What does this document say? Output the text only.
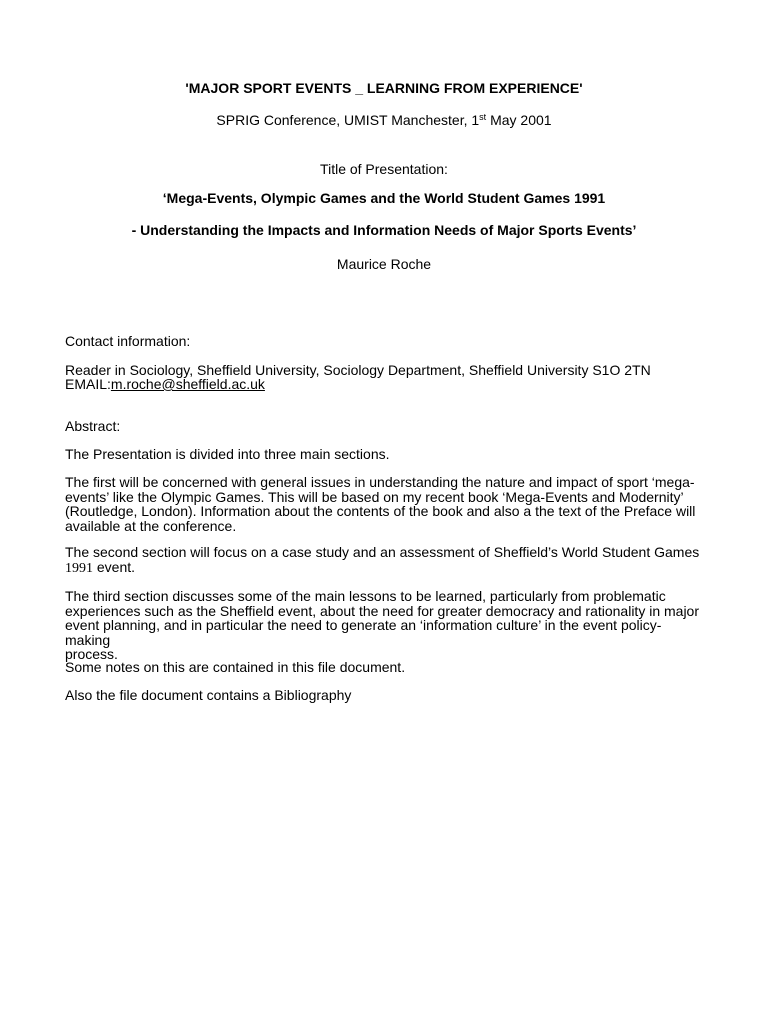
'MAJOR SPORT EVENTS _ LEARNING FROM EXPERIENCE'
SPRIG Conference, UMIST Manchester, 1st May 2001
Title of Presentation:
‘Mega-Events, Olympic Games and the World Student Games 1991
- Understanding the Impacts and Information Needs of Major Sports Events’
Maurice Roche
Contact information:
Reader in Sociology, Sheffield University, Sociology Department, Sheffield University S1O 2TN
EMAIL:m.roche@sheffield.ac.uk
Abstract:
The Presentation is divided into three main sections.
The first will be concerned with general issues in understanding the nature and impact of sport ‘mega-
events’ like the Olympic Games. This will be based on my recent book ‘Mega-Events and Modernity’
(Routledge, London). Information about the contents of the book and also a the text of the Preface will
available at the conference.
The second section will focus on a case study and an assessment of Sheffield’s World Student Games
1991 event.
The third section discusses some of the main lessons to be learned, particularly from problematic
experiences such as the Sheffield event, about the need for greater democracy and rationality in major
event planning, and in particular the need to generate an ‘information culture’ in the event policy-making
process.
Some notes on this are contained in this file document.
Also the file document contains a Bibliography
